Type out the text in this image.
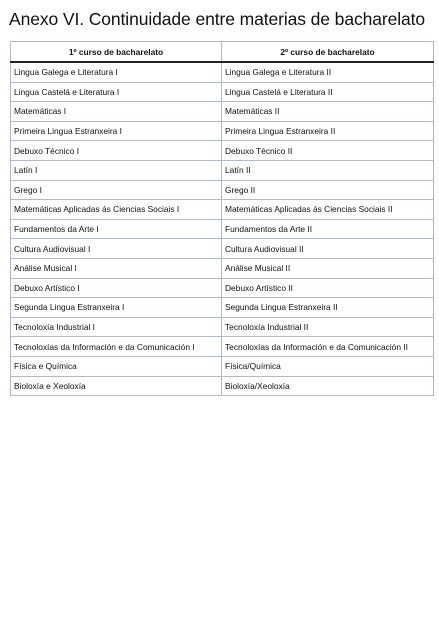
Anexo VI. Continuidade entre materias de bacharelato
1º curso de bacharelato	2º curso de bacharelato
Lingua Galega e Literatura I	Lingua Galega e Literatura II
Lingua Castelá e Literatura I	Lingua Castelá e Literatura II
Matemáticas I	Matemáticas II
Primeira Lingua Estranxeira I	Primeira Lingua Estranxeira II
Debuxo Técnico I	Debuxo Técnico II
Latín I	Latín II
Grego I	Grego II
Matemáticas Aplicadas ás Ciencias Sociais I	Matemáticas Aplicadas ás Ciencias Sociais II
Fundamentos da Arte I	Fundamentos da Arte II
Cultura Audiovisual I	Cultura Audiovisual II
Análise Musical I	Análise Musical II
Debuxo Artístico I	Debuxo Artístico II
Segunda Lingua Estranxeira I	Segunda Lingua Estranxeira II
Tecnoloxía Industrial I	Tecnoloxía Industrial II
Tecnoloxías da Información e da Comunicación I	Tecnoloxías da Información e da Comunicación II
Física e Química	Física/Química
Bioloxía e Xeoloxía	Bioloxía/Xeoloxía
